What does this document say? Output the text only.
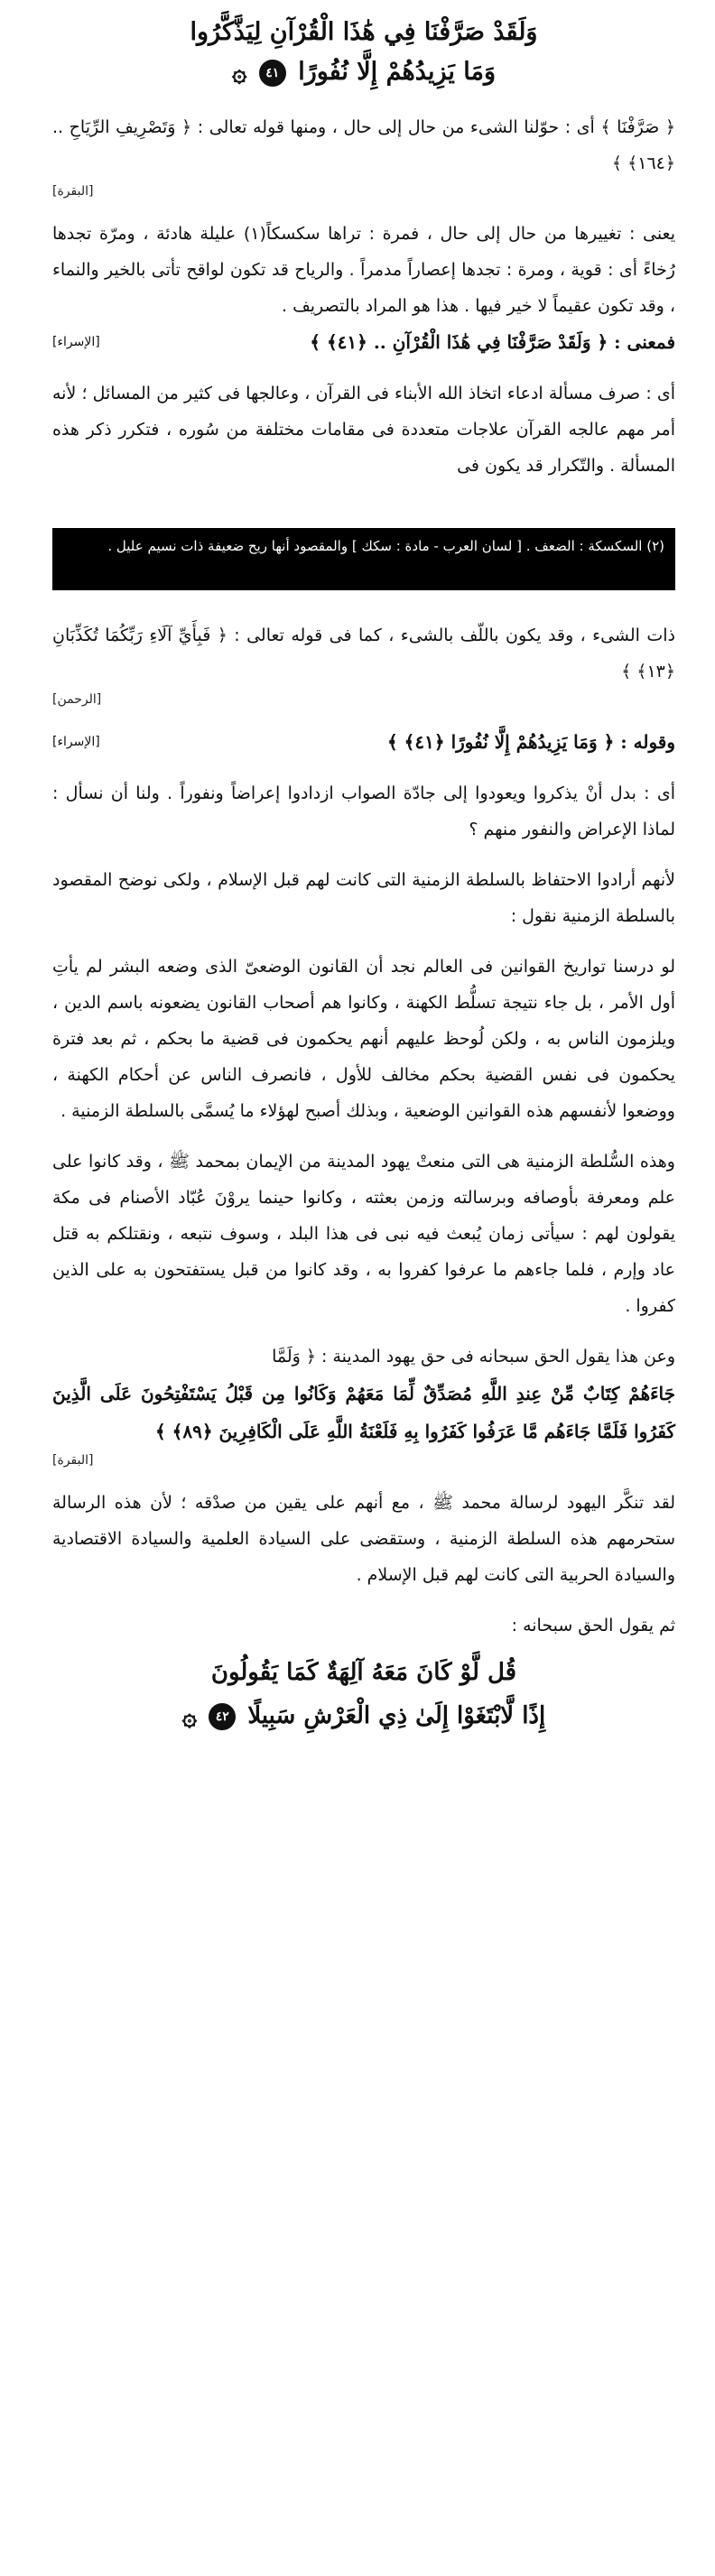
وَلَقَدْ صَرَّفْنَا فِي هَٰذَا الْقُرْآنِ لِيَذَّكَّرُوا
وَمَا يَزِيدُهُمْ إِلَّا نُفُورًا ٤١ ۞

﴿ صَرَّفْنَا ﴾ أى : حوّلنا الشىء من حال إلى حال ، ومنها قوله تعالى : ﴿ وَتَصْرِيفِ الرِّيَاحِ .. ﴿١٦٤﴾ ﴾

[البقرة]

يعنى : تغييرها من حال إلى حال ، فمرة : تراها سكسكاً(١) عليلة هادئة ، ومرّة تجدها رُخاءً أى : قوية ، ومرة : تجدها إعصاراً مدمراً . والرياح قد تكون لواقح تأتى بالخير والنماء ، وقد تكون عقيماً لا خير فيها . هذا هو المراد بالتصريف .

فمعنى : ﴿ وَلَقَدْ صَرَّفْنَا فِي هَٰذَا الْقُرْآنِ .. ﴿٤١﴾ ﴾
[الإسراء]

أى : صرف مسألة ادعاء اتخاذ الله الأبناء فى القرآن ، وعالجها فى كثير من المسائل ؛ لأنه أمر مهم عالجه القرآن علاجات متعددة فى مقامات مختلفة من سُوره ، فتكرر ذكر هذه المسألة . والتّكرار قد يكون فى

(٢) السكسكة : الضعف . [ لسان العرب - مادة : سكك ] والمقصود أنها ريح ضعيفة ذات نسيم عليل .

ذات الشىء ، وقد يكون باللّف بالشىء ، كما فى قوله تعالى : ﴿ فَبِأَيِّ آلَاءِ رَبِّكُمَا تُكَذِّبَانِ ﴿١٣﴾ ﴾

[الرحمن]

وقوله : ﴿ وَمَا يَزِيدُهُمْ إِلَّا نُفُورًا ﴿٤١﴾ ﴾
[الإسراء]

أى : بدل أنْ يذكروا ويعودوا إلى جادّة الصواب ازدادوا إعراضاً ونفوراً . ولنا أن نسأل : لماذا الإعراض والنفور منهم ؟

لأنهم أرادوا الاحتفاظ بالسلطة الزمنية التى كانت لهم قبل الإسلام ، ولكى نوضح المقصود بالسلطة الزمنية نقول :

لو درسنا تواريخ القوانين فى العالم نجد أن القانون الوضعىّ الذى وضعه البشر لم يأتِ أول الأمر ، بل جاء نتيجة تسلُّط الكهنة ، وكانوا هم أصحاب القانون يضعونه باسم الدين ، ويلزمون الناس به ، ولكن لُوحظ عليهم أنهم يحكمون فى قضية ما بحكم ، ثم بعد فترة يحكمون فى نفس القضية بحكم مخالف للأول ، فانصرف الناس عن أحكام الكهنة ، ووضعوا لأنفسهم هذه القوانين الوضعية ، وبذلك أصبح لهؤلاء ما يُسمَّى بالسلطة الزمنية .

وهذه السُّلطة الزمنية هى التى منعتْ يهود المدينة من الإيمان بمحمد ﷺ ، وقد كانوا على علم ومعرفة بأوصافه وبرسالته وزمن بعثته ، وكانوا حينما يروْنَ عُبّاد الأصنام فى مكة يقولون لهم : سيأتى زمان يُبعث فيه نبى فى هذا البلد ، وسوف نتبعه ، ونقتلكم به قتل عاد وإرم ، فلما جاءهم ما عرفوا كفروا به ، وقد كانوا من قبل يستفتحون به على الذين كفروا .

وعن هذا يقول الحق سبحانه فى حق يهود المدينة : ﴿ وَلَمَّا

جَاءَهُمْ كِتَابٌ مِّنْ عِندِ اللَّهِ مُصَدِّقٌ لِّمَا مَعَهُمْ وَكَانُوا مِن قَبْلُ يَسْتَفْتِحُونَ عَلَى الَّذِينَ كَفَرُوا فَلَمَّا جَاءَهُم مَّا عَرَفُوا كَفَرُوا بِهِ فَلَعْنَةُ اللَّهِ عَلَى الْكَافِرِينَ ﴿٨٩﴾ ﴾

[البقرة]

لقد تنكَّر اليهود لرسالة محمد ﷺ ، مع أنهم على يقين من صدْقه ؛ لأن هذه الرسالة ستحرمهم هذه السلطة الزمنية ، وستقضى على السيادة العلمية والسيادة الاقتصادية والسيادة الحربية التى كانت لهم قبل الإسلام .

ثم يقول الحق سبحانه :

قُل لَّوْ كَانَ مَعَهُ آلِهَةٌ كَمَا يَقُولُونَ
إِذًا لَّابْتَغَوْا إِلَىٰ ذِي الْعَرْشِ سَبِيلًا ٤٢ ۞
